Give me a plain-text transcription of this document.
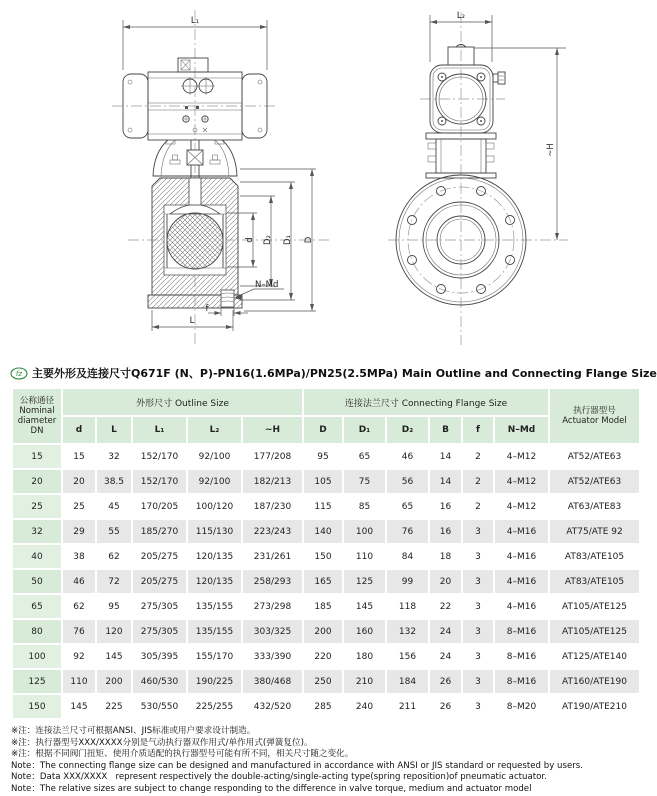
L₁
d D₂ D₁ D
N–Md
f
L
L₂
~H
fz 主要外形及连接尺寸Q671F (N、P)-PN16(1.6MPa)/PN25(2.5MPa) Main Outline and Connecting Flange Size
公称通径
Nominal
diameter
DN
	外形尺寸 Outline Size	连接法兰尺寸 Connecting Flange Size	
执行器型号
Actuator Model

	d	L	L₁	L₂	~H	D	D₁	D₂	B	f	N–Md	
15	15	32	152/170	92/100	177/208	95	65	46	14	2	4–M12	AT52/ATE63
20	20	38.5	152/170	92/100	182/213	105	75	56	14	2	4–M12	AT52/ATE63
25	25	45	170/205	100/120	187/230	115	85	65	16	2	4–M12	AT63/ATE83
32	29	55	185/270	115/130	223/243	140	100	76	16	3	4–M16	AT75/ATE 92
40	38	62	205/275	120/135	231/261	150	110	84	18	3	4–M16	AT83/ATE105
50	46	72	205/275	120/135	258/293	165	125	99	20	3	4–M16	AT83/ATE105
65	62	95	275/305	135/155	273/298	185	145	118	22	3	4–M16	AT105/ATE125
80	76	120	275/305	135/155	303/325	200	160	132	24	3	8–M16	AT105/ATE125
100	92	145	305/395	155/170	333/390	220	180	156	24	3	8–M16	AT125/ATE140
125	110	200	460/530	190/225	380/468	250	210	184	26	3	8–M16	AT160/ATE190
150	145	225	530/550	225/255	432/520	285	240	211	26	3	8–M20	AT190/ATE210
※注：连接法兰尺寸可根据ANSI、JIS标准或用户要求设计制造。
※注：执行器型号XXX/XXXX分别是气动执行器双作用式/单作用式(弹簧复位)。
※注：根据不同阀门扭矩、使用介质适配的执行器型号可能有所不同，相关尺寸随之变化。
Note：The connecting flange size can be designed and manufactured in accordance with ANSI or JIS standard or requested by users.
Note：Data XXX/XXXX   represent respectively the double-acting/single-acting type(spring reposition)of pneumatic actuator.
Note：The relative sizes are subject to change responding to the difference in valve torque, medium and actuator model
